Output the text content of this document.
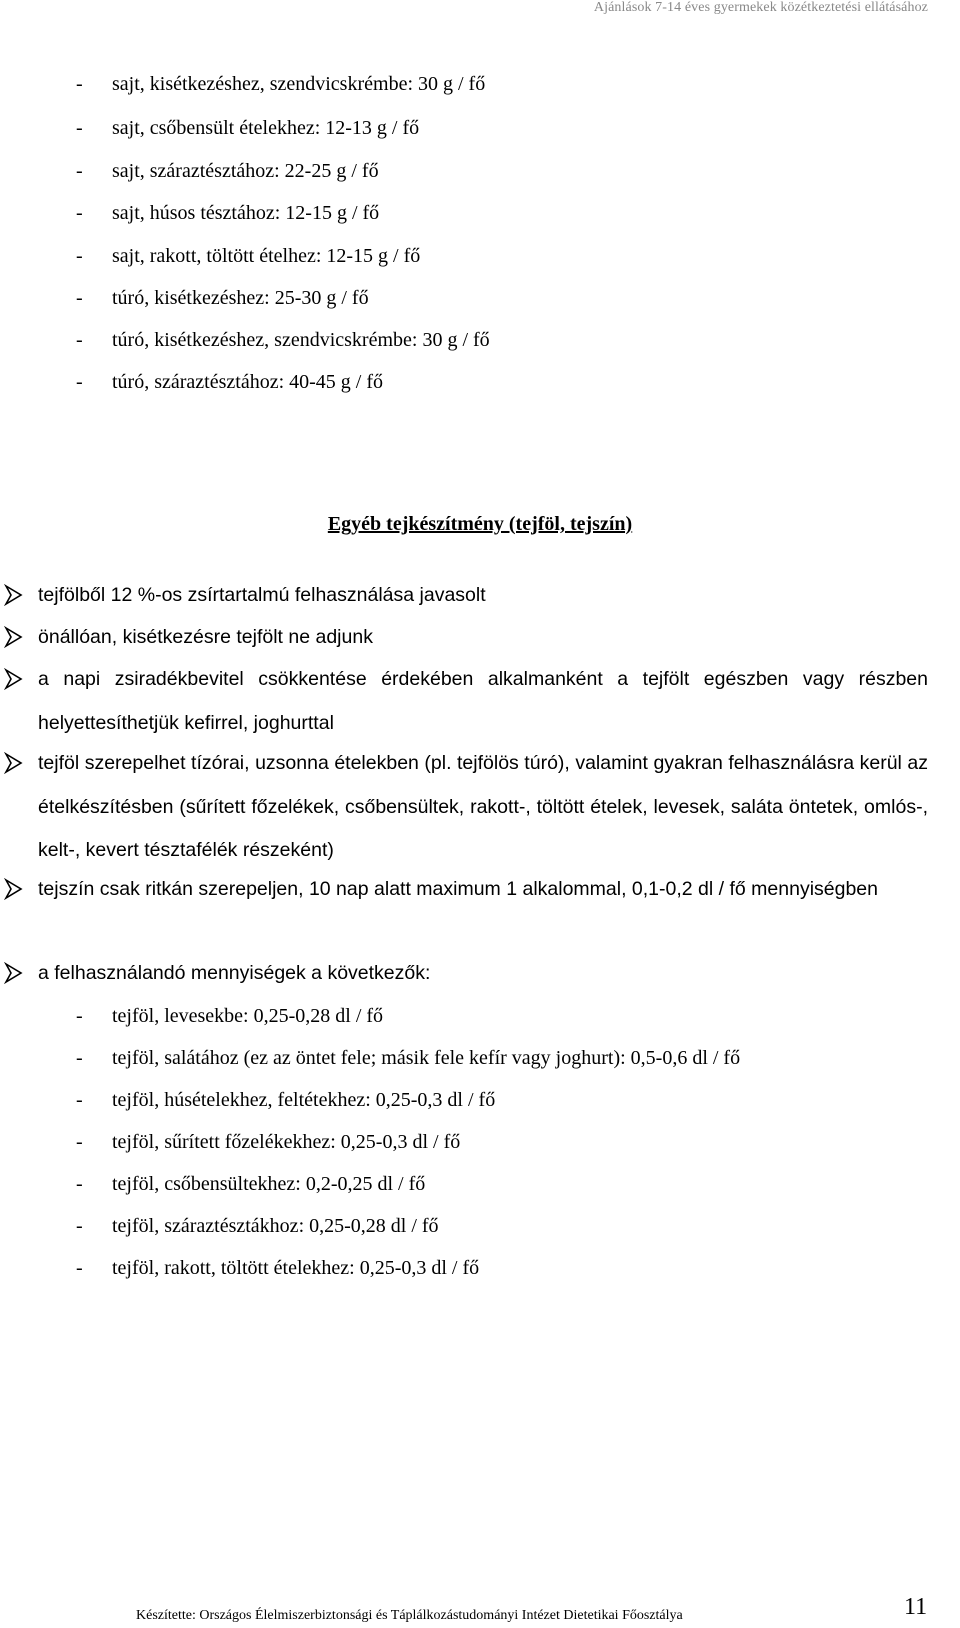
Ajánlások 7-14 éves gyermekek közétkeztetési ellátásához
- sajt, kisétkezéshez, szendvicskrémbe: 30 g / fő
- sajt, csőbensült ételekhez: 12-13 g / fő
- sajt, száraztésztához: 22-25 g / fő
- sajt, húsos tésztához: 12-15 g / fő
- sajt, rakott, töltött ételhez: 12-15 g / fő
- túró, kisétkezéshez: 25-30 g / fő
- túró, kisétkezéshez, szendvicskrémbe: 30 g / fő
- túró, száraztésztához: 40-45 g / fő
Egyéb tejkészítmény (tejföl, tejszín)
tejfölből 12 %-os zsírtartalmú felhasználása javasolt
önállóan, kisétkezésre tejfölt ne adjunk
a napi zsiradékbevitel csökkentése érdekében alkalmanként a tejfölt egészben vagy részben helyettesíthetjük kefirrel, joghurttal
tejföl szerepelhet tízórai, uzsonna ételekben (pl. tejfölös túró), valamint gyakran felhasználásra kerül az ételkészítésben (sűrített főzelékek, csőbensültek, rakott-, töltött ételek, levesek, saláta öntetek, omlós-, kelt-, kevert tésztafélék részeként)
tejszín csak ritkán szerepeljen, 10 nap alatt maximum 1 alkalommal, 0,1-0,2 dl / fő mennyiségben
a felhasználandó mennyiségek a következők:
- tejföl, levesekbe: 0,25-0,28 dl / fő
- tejföl, salátához (ez az öntet fele; másik fele kefír vagy joghurt): 0,5-0,6 dl / fő
- tejföl, húsételekhez, feltétekhez: 0,25-0,3 dl / fő
- tejföl, sűrített főzelékekhez: 0,25-0,3 dl / fő
- tejföl, csőbensültekhez: 0,2-0,25 dl / fő
- tejföl, száraztésztákhoz: 0,25-0,28 dl / fő
- tejföl, rakott, töltött ételekhez: 0,25-0,3 dl / fő
Készítette: Országos Élelmiszerbiztonsági és Táplálkozástudományi Intézet Dietetikai Főosztálya	11
